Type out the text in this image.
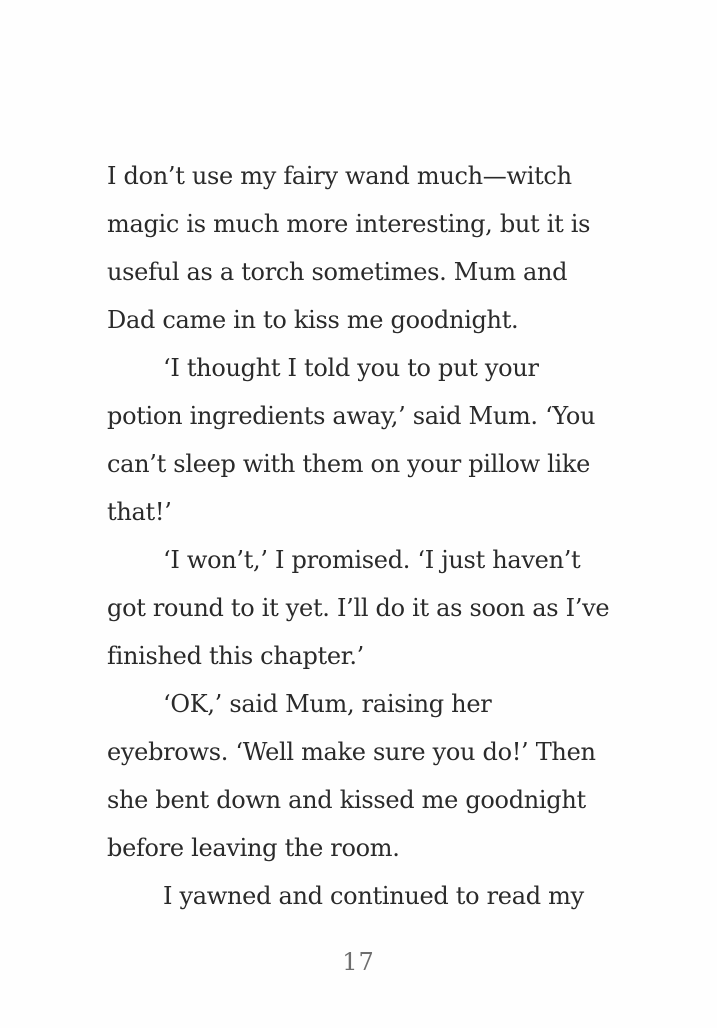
I don’t use my fairy wand much—witch
magic is much more interesting, but it is
useful as a torch sometimes. Mum and
Dad came in to kiss me goodnight.
‘I thought I told you to put your
potion ingredients away,’ said Mum. ‘You
can’t sleep with them on your pillow like
that!’
‘I won’t,’ I promised. ‘I just haven’t
got round to it yet. I’ll do it as soon as I’ve
finished this chapter.’
‘OK,’ said Mum, raising her
eyebrows. ‘Well make sure you do!’ Then
she bent down and kissed me goodnight
before leaving the room.
I yawned and continued to read my
17
